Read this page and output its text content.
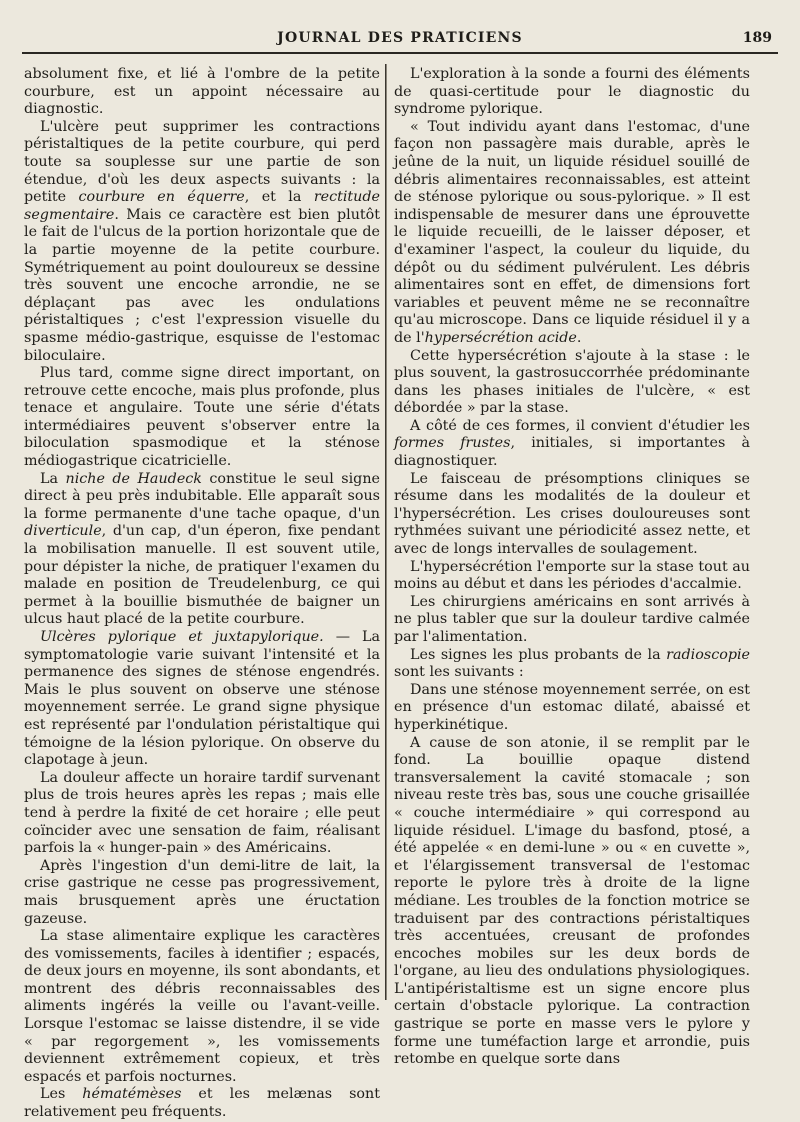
JOURNAL DES PRATICIENS	189

absolument fixe, et lié à l'ombre de la petite courbure, est un appoint nécessaire au diagnostic.

L'ulcère peut supprimer les contractions péristaltiques de la petite courbure, qui perd toute sa souplesse sur une partie de son étendue, d'où les deux aspects suivants : la petite courbure en équerre, et la rectitude segmentaire. Mais ce caractère est bien plutôt le fait de l'ulcus de la portion horizontale que de la partie moyenne de la petite courbure. Symétriquement au point douloureux se dessine très souvent une encoche arrondie, ne se déplaçant pas avec les ondulations péristaltiques ; c'est l'expression visuelle du spasme médio-gastrique, esquisse de l'estomac biloculaire.

Plus tard, comme signe direct important, on retrouve cette encoche, mais plus profonde, plus tenace et angulaire. Toute une série d'états intermédiaires peuvent s'observer entre la biloculation spasmodique et la sténose médiogastrique cicatricielle.

La niche de Haudeck constitue le seul signe direct à peu près indubitable. Elle apparaît sous la forme permanente d'une tache opaque, d'un diverticule, d'un cap, d'un éperon, fixe pendant la mobilisation manuelle. Il est souvent utile, pour dépister la niche, de pratiquer l'examen du malade en position de Treudelenburg, ce qui permet à la bouillie bismuthée de baigner un ulcus haut placé de la petite courbure.

Ulcères pylorique et juxtapylorique. — La symptomatologie varie suivant l'intensité et la permanence des signes de sténose engendrés. Mais le plus souvent on observe une sténose moyennement serrée. Le grand signe physique est représenté par l'ondulation péristaltique qui témoigne de la lésion pylorique. On observe du clapotage à jeun.

La douleur affecte un horaire tardif survenant plus de trois heures après les repas ; mais elle tend à perdre la fixité de cet horaire ; elle peut coïncider avec une sensation de faim, réalisant parfois la « hunger-pain » des Américains.

Après l'ingestion d'un demi-litre de lait, la crise gastrique ne cesse pas progressivement, mais brusquement après une éructation gazeuse.

La stase alimentaire explique les caractères des vomissements, faciles à identifier ; espacés, de deux jours en moyenne, ils sont abondants, et montrent des débris reconnaissables des aliments ingérés la veille ou l'avant-veille. Lorsque l'estomac se laisse distendre, il se vide « par regorgement », les vomissements deviennent extrêmement copieux, et très espacés et parfois nocturnes.

Les hématémèses et les melænas sont relativement peu fréquents.

L'exploration à la sonde a fourni des éléments de quasi-certitude pour le diagnostic du syndrome pylorique.

« Tout individu ayant dans l'estomac, d'une façon non passagère mais durable, après le jeûne de la nuit, un liquide résiduel souillé de débris alimentaires reconnaissables, est atteint de sténose pylorique ou sous-pylorique. » Il est indispensable de mesurer dans une éprouvette le liquide recueilli, de le laisser déposer, et d'examiner l'aspect, la couleur du liquide, du dépôt ou du sédiment pulvérulent. Les débris alimentaires sont en effet, de dimensions fort variables et peuvent même ne se reconnaître qu'au microscope. Dans ce liquide résiduel il y a de l'hypersécrétion acide.

Cette hypersécrétion s'ajoute à la stase : le plus souvent, la gastrosuccorrhée prédominante dans les phases initiales de l'ulcère, « est débordée » par la stase.

A côté de ces formes, il convient d'étudier les formes frustes, initiales, si importantes à diagnostiquer.

Le faisceau de présomptions cliniques se résume dans les modalités de la douleur et l'hypersécrétion. Les crises douloureuses sont rythmées suivant une périodicité assez nette, et avec de longs intervalles de soulagement.

L'hypersécrétion l'emporte sur la stase tout au moins au début et dans les périodes d'accalmie.

Les chirurgiens américains en sont arrivés à ne plus tabler que sur la douleur tardive calmée par l'alimentation.

Les signes les plus probants de la radioscopie sont les suivants :

Dans une sténose moyennement serrée, on est en présence d'un estomac dilaté, abaissé et hyperkinétique.

A cause de son atonie, il se remplit par le fond. La bouillie opaque distend transversalement la cavité stomacale ; son niveau reste très bas, sous une couche grisaillée « couche intermédiaire » qui correspond au liquide résiduel. L'image du basfond, ptosé, a été appelée « en demi-lune » ou « en cuvette », et l'élargissement transversal de l'estomac reporte le pylore très à droite de la ligne médiane. Les troubles de la fonction motrice se traduisent par des contractions péristaltiques très accentuées, creusant de profondes encoches mobiles sur les deux bords de l'organe, au lieu des ondulations physiologiques. L'antipéristaltisme est un signe encore plus certain d'obstacle pylorique. La contraction gastrique se porte en masse vers le pylore y forme une tuméfaction large et arrondie, puis retombe en quelque sorte dans
